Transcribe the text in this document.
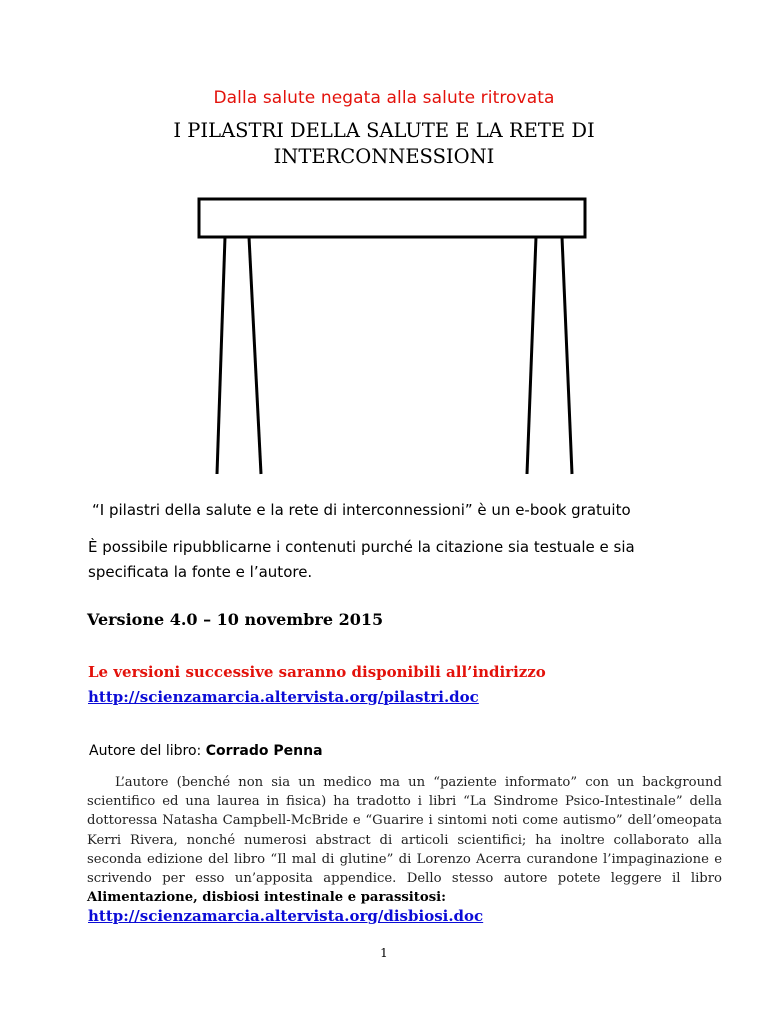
Dalla salute negata alla salute ritrovata
I PILASTRI DELLA SALUTE E LA RETE DI
INTERCONNESSIONI
“I pilastri della salute e la rete di interconnessioni” è un e-book gratuito
È possibile ripubblicarne i contenuti purché la citazione sia testuale e sia specificata la fonte e l’autore.
Versione 4.0 – 10 novembre 2015
Le versioni successive saranno disponibili all’indirizzo
http://scienzamarcia.altervista.org/pilastri.doc
Autore del libro: Corrado Penna
L’autore (benché non sia un medico ma un “paziente informato” con un background scientifico ed una laurea in fisica) ha tradotto i libri “La Sindrome Psico-Intestinale” della dottoressa Natasha Campbell-McBride e “Guarire i sintomi noti come autismo” dell’omeopata Kerri Rivera, nonché numerosi abstract di articoli scientifici; ha inoltre collaborato alla seconda edizione del libro “Il mal di glutine” di Lorenzo Acerra curandone l’impaginazione e scrivendo per esso un’apposita appendice. Dello stesso autore potete leggere il libro Alimentazione, disbiosi intestinale e parassitosi:
http://scienzamarcia.altervista.org/disbiosi.doc
1
